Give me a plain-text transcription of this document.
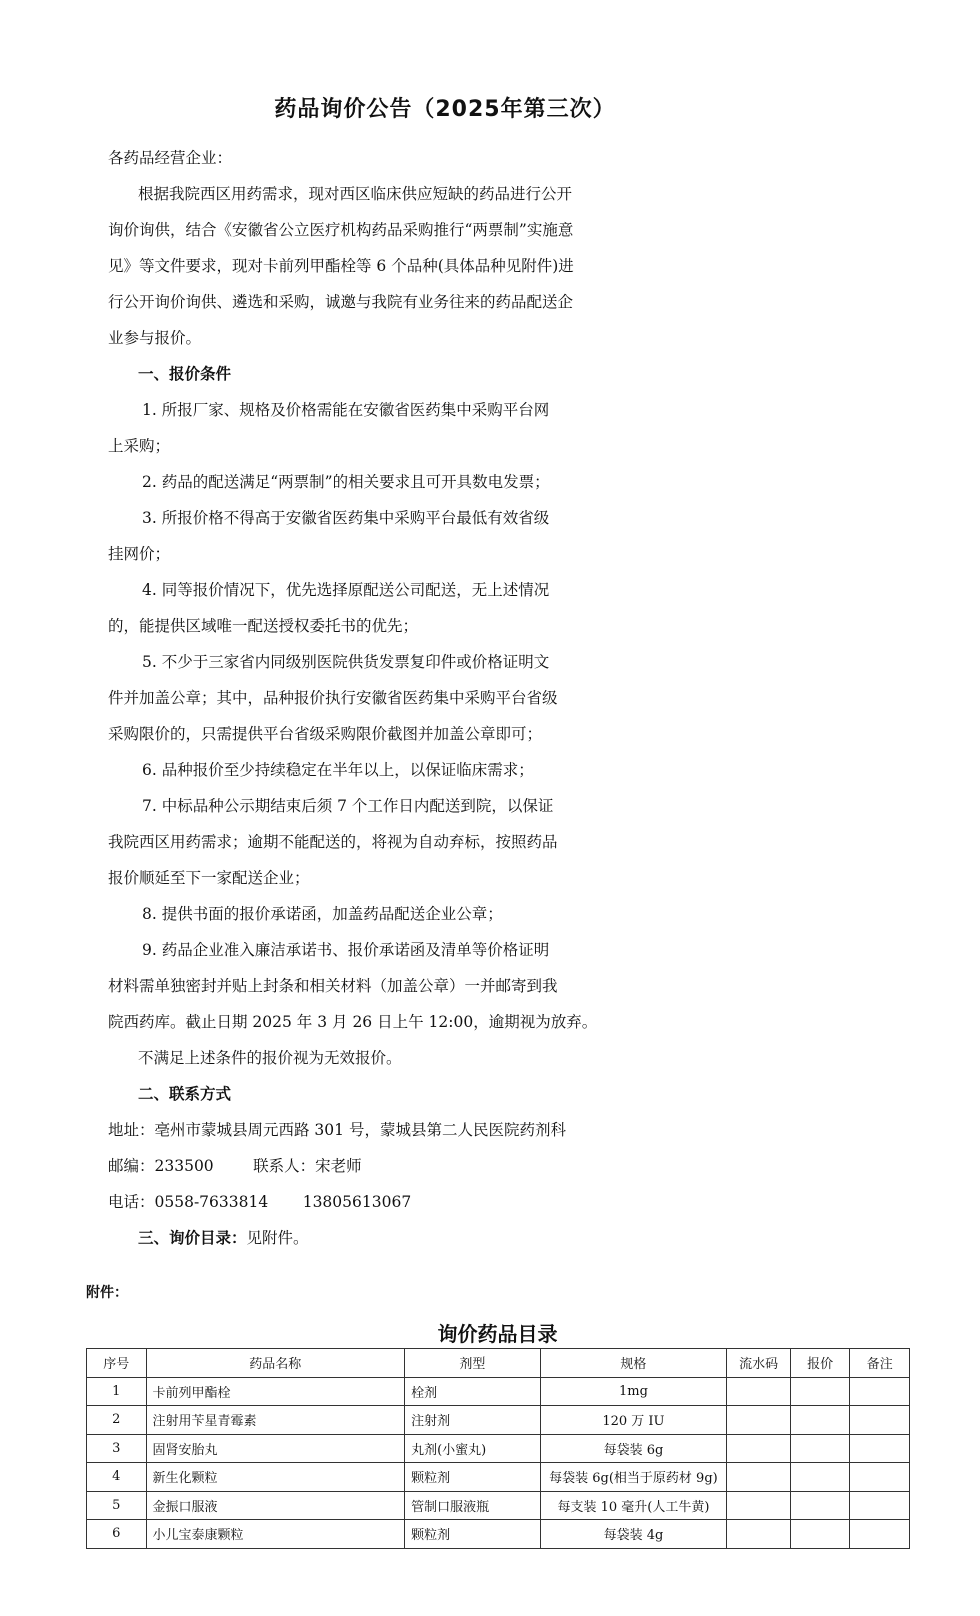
药品询价公告（2025年第三次）
各药品经营企业：
根据我院西区用药需求，现对西区临床供应短缺的药品进行公开
询价询供，结合《安徽省公立医疗机构药品采购推行“两票制”实施意
见》等文件要求，现对卡前列甲酯栓等 6 个品种(具体品种见附件)进
行公开询价询供、遴选和采购，诚邀与我院有业务往来的药品配送企
业参与报价。
一、报价条件
1. 所报厂家、规格及价格需能在安徽省医药集中采购平台网
上采购；
2. 药品的配送满足“两票制”的相关要求且可开具数电发票；
3. 所报价格不得高于安徽省医药集中采购平台最低有效省级
挂网价；
4. 同等报价情况下，优先选择原配送公司配送，无上述情况
的，能提供区域唯一配送授权委托书的优先；
5. 不少于三家省内同级别医院供货发票复印件或价格证明文
件并加盖公章；其中，品种报价执行安徽省医药集中采购平台省级
采购限价的，只需提供平台省级采购限价截图并加盖公章即可；
6. 品种报价至少持续稳定在半年以上，以保证临床需求；
7. 中标品种公示期结束后须 7 个工作日内配送到院，以保证
我院西区用药需求；逾期不能配送的，将视为自动弃标，按照药品
报价顺延至下一家配送企业；
8. 提供书面的报价承诺函，加盖药品配送企业公章；
9. 药品企业准入廉洁承诺书、报价承诺函及清单等价格证明
材料需单独密封并贴上封条和相关材料（加盖公章）一并邮寄到我
院西药库。截止日期 2025 年 3 月 26 日上午 12:00，逾期视为放弃。
不满足上述条件的报价视为无效报价。
二、联系方式
地址：亳州市蒙城县周元西路 301 号，蒙城县第二人民医院药剂科
邮编：233500        联系人：宋老师
电话：0558-7633814       13805613067
三、询价目录：见附件。
附件：
询价药品目录
序号	药品名称	剂型	规格	流水码	报价	备注
1	卡前列甲酯栓	栓剂	1mg			
2	注射用苄星青霉素	注射剂	120 万 IU			
3	固肾安胎丸	丸剂(小蜜丸)	每袋装 6g			
4	新生化颗粒	颗粒剂	每袋装 6g(相当于原药材 9g)			
5	金振口服液	管制口服液瓶	每支装 10 毫升(人工牛黄)			
6	小儿宝泰康颗粒	颗粒剂	每袋装 4g			
